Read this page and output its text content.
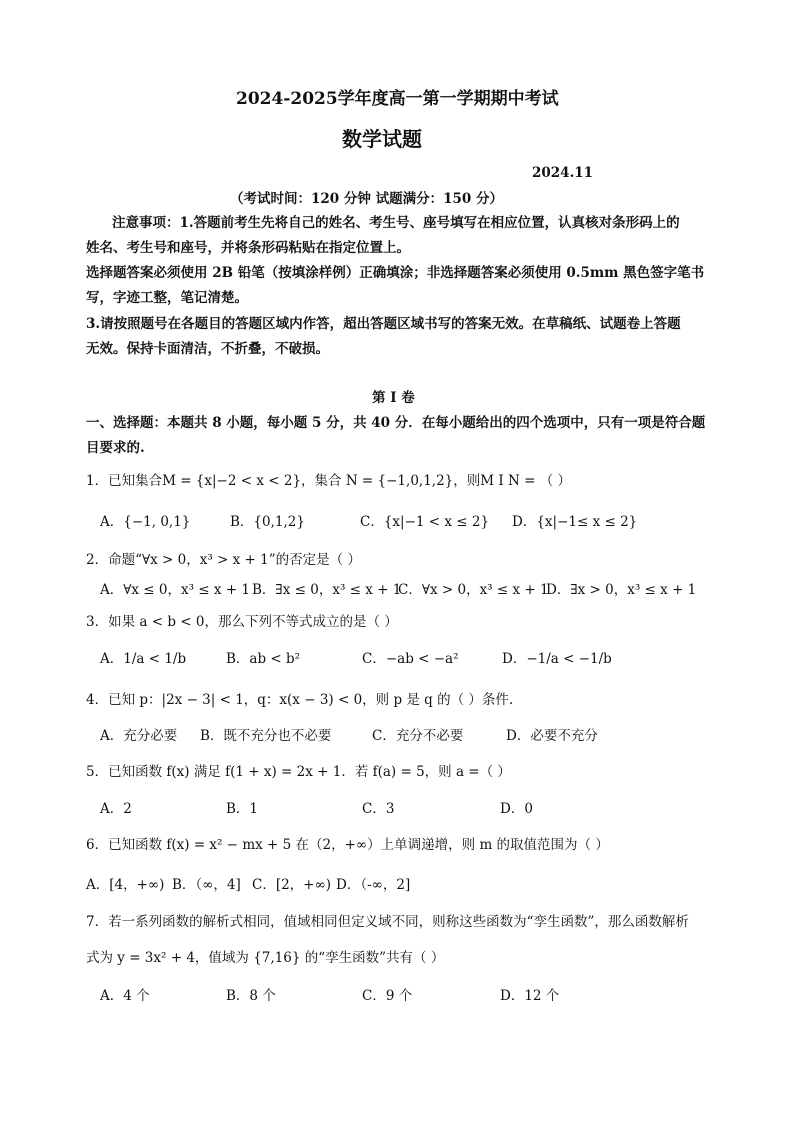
2024-2025学年度高一第一学期期中考试
数学试题
2024.11
（考试时间：120 分钟 试题满分：150 分）
注意事项：1.答题前考生先将自己的姓名、考生号、座号填写在相应位置，认真核对条形码上的
姓名、考生号和座号，并将条形码粘贴在指定位置上。
选择题答案必须使用 2B 铅笔（按填涂样例）正确填涂；非选择题答案必须使用 0.5mm 黑色签字笔书
写，字迹工整，笔记清楚。
3.请按照题号在各题目的答题区域内作答，超出答题区域书写的答案无效。在草稿纸、试题卷上答题
无效。保持卡面清洁，不折叠，不破损。
第 I 卷
一、选择题：本题共 8 小题，每小题 5 分，共 40 分．在每小题给出的四个选项中，只有一项是符合题
目要求的.
1．已知集合M = {x|−2 < x < 2}，集合 N = {−1,0,1,2}，则M I N = （ ）
A．{−1, 0,1}	B．{0,1,2}	C．{x|−1 < x ≤ 2} D．{x|−1≤ x ≤ 2}
2．命题“∀x > 0，x³ > x + 1”的否定是（ ）
A．∀x ≤ 0，x³ ≤ x + 1 B．∃x ≤ 0，x³ ≤ x + 1
C．∀x > 0，x³ ≤ x + 1
D．∃x > 0，x³ ≤ x + 1
3．如果 a < b < 0，那么下列不等式成立的是（ ）
A．1/a < 1/b	B．ab < b²	C．−ab < −a²	D．−1/a < −1/b
4．已知 p：|2x − 3| < 1，q：x(x − 3) < 0，则 p 是 q 的（ ）条件.
A．充分必要 B．既不充分也不必要	C．充分不必要	D．必要不充分
5．已知函数 f(x) 满足 f(1 + x) = 2x + 1．若 f(a) = 5，则 a =（ ）
A．2	B．1	C．3	D．0
6．已知函数 f(x) = x² − mx + 5 在（2，+∞）上单调递增，则 m 的取值范围为（ ）
A．[4，+∞) B．（∞，4] C．[2，+∞) D．（-∞，2]
7．若一系列函数的解析式相同，值域相同但定义域不同，则称这些函数为“孪生函数”，那么函数解析
式为 y = 3x² + 4，值域为 {7,16} 的“孪生函数”共有（ ）
A．4 个	B．8 个	C．9 个	D．12 个
